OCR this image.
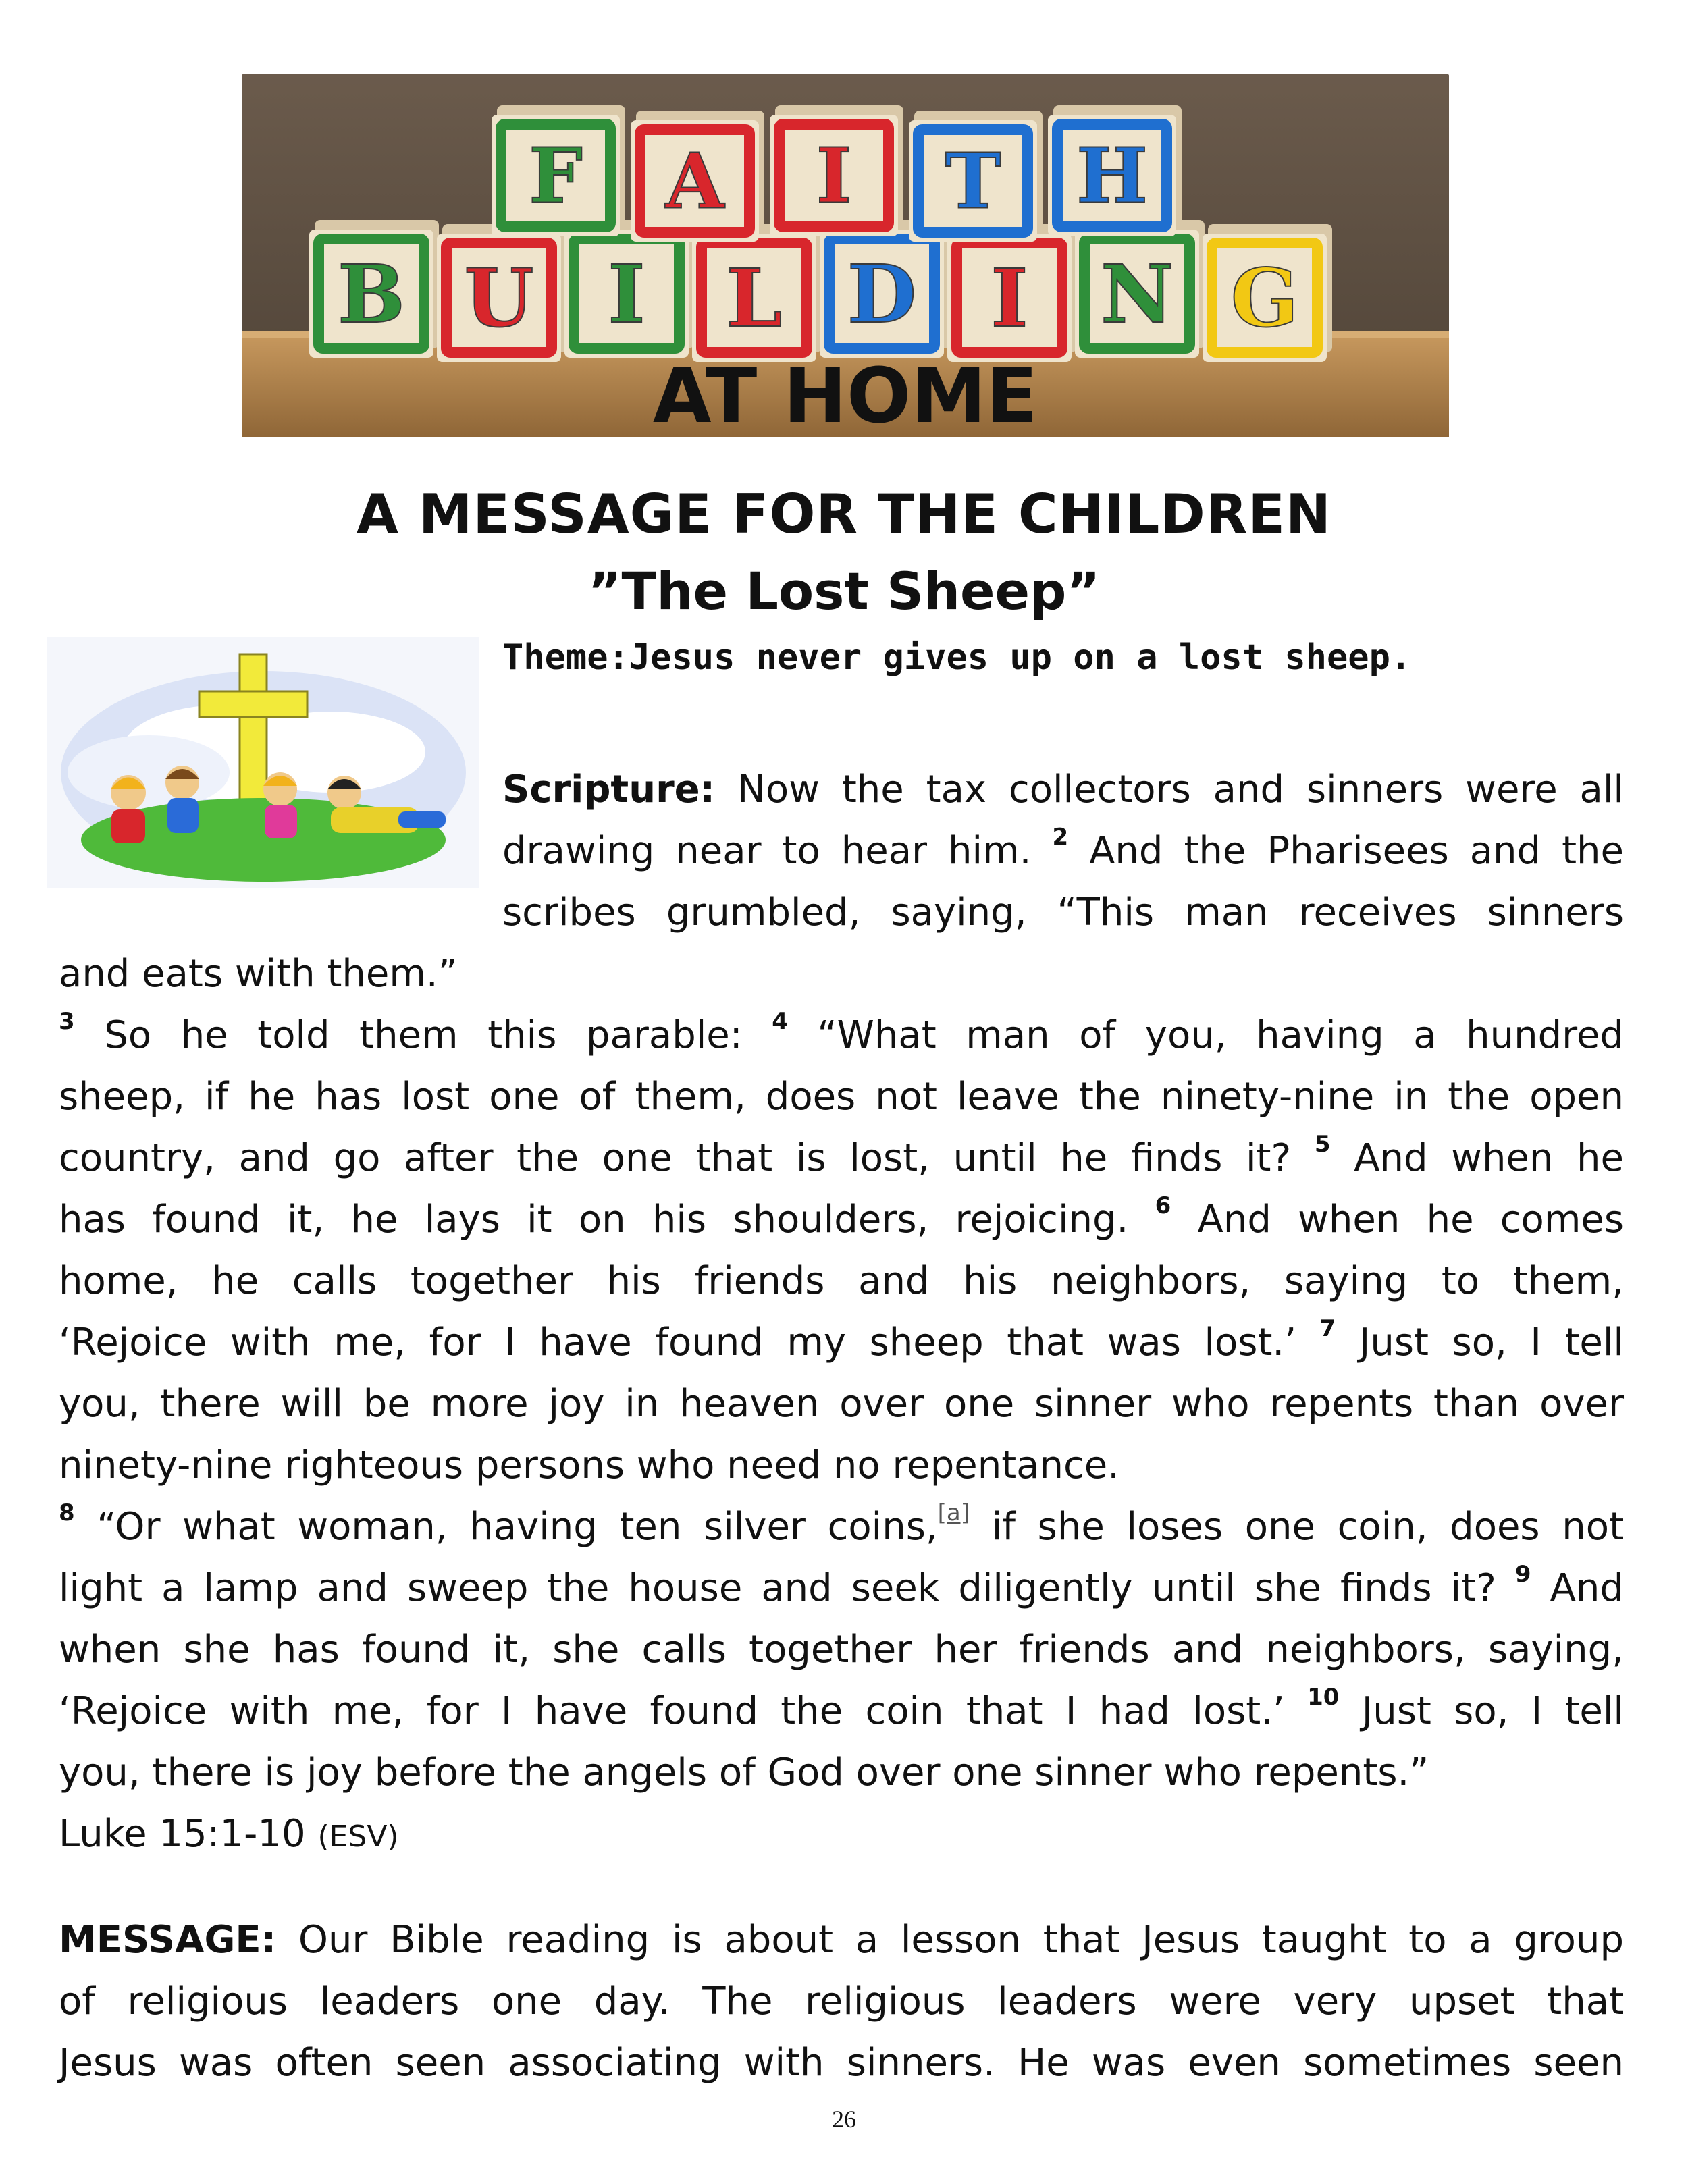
B U I L D I N G
F A I T H
AT HOME
A MESSAGE FOR THE CHILDREN
”The Lost Sheep”
Theme:Jesus never gives up on a lost sheep.
Scripture: Now the tax collectors and sinners were all
drawing near to hear him. $^2$ And the Pharisees and the
scribes grumbled, saying, “This man receives sinners
and eats with them.”
$^3$ So he told them this parable: $^4$ “What man of you, having a hundred
sheep, if he has lost one of them, does not leave the ninety-nine in the open
country, and go after the one that is lost, until he finds it? $^5$ And when he
has found it, he lays it on his shoulders, rejoicing. $^6$ And when he comes
home, he calls together his friends and his neighbors, saying to them,
‘Rejoice with me, for I have found my sheep that was lost.’ $^7$ Just so, I tell
you, there will be more joy in heaven over one sinner who repents than over
ninety-nine righteous persons who need no repentance.
$^8$ “Or what woman, having ten silver coins,[a] if she loses one coin, does not
light a lamp and sweep the house and seek diligently until she finds it? $^9$ And
when she has found it, she calls together her friends and neighbors, saying,
‘Rejoice with me, for I have found the coin that I had lost.’ $^{10}$ Just so, I tell
you, there is joy before the angels of God over one sinner who repents.”
Luke 15:1-10 (ESV)
MESSAGE: Our Bible reading is about a lesson that Jesus taught to a group
of religious leaders one day. The religious leaders were very upset that
Jesus was often seen associating with sinners. He was even sometimes seen
26
